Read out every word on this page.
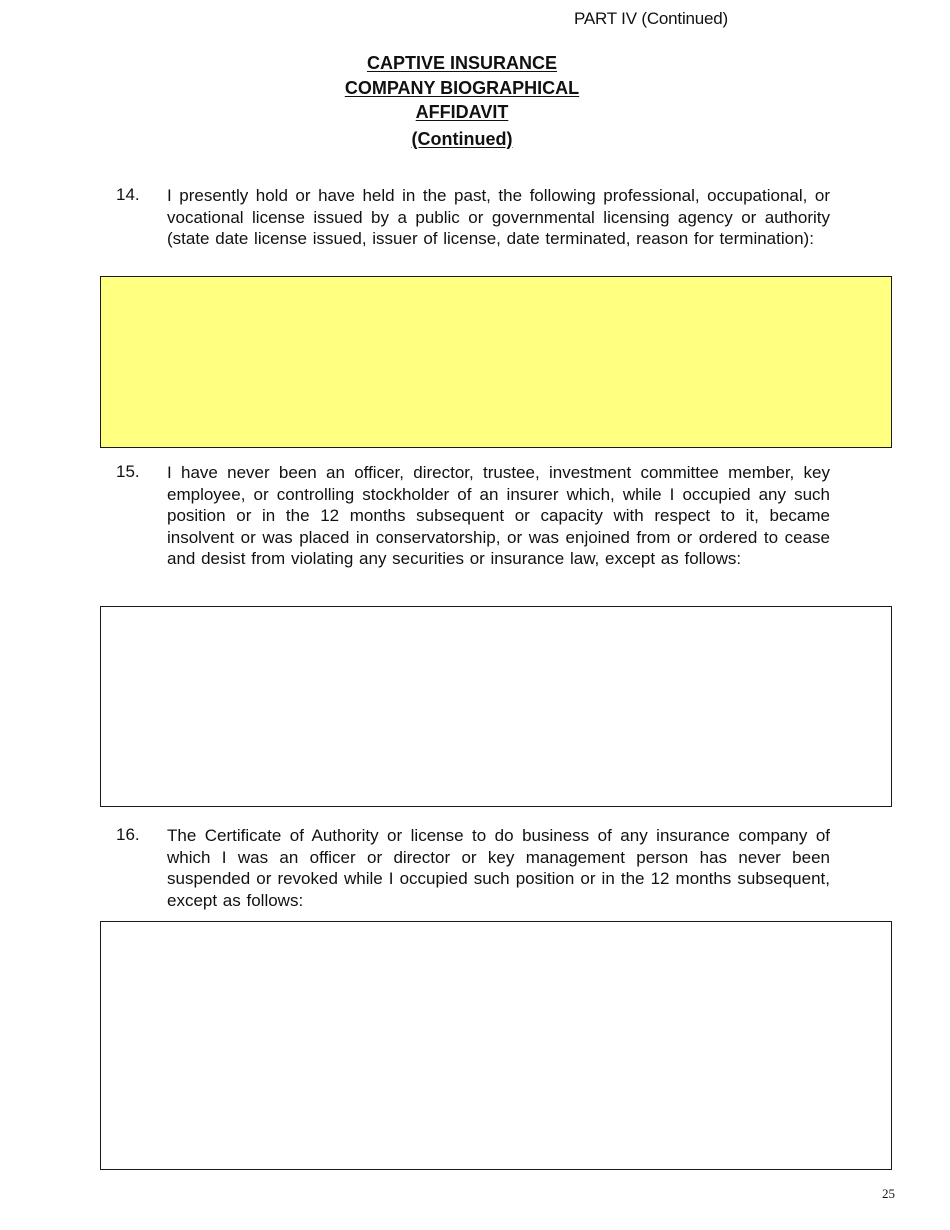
PART IV (Continued)
CAPTIVE INSURANCE
COMPANY BIOGRAPHICAL
AFFIDAVIT
(Continued)
14. I presently hold or have held in the past, the following professional, occupational, or vocational license issued by a public or governmental licensing agency or authority (state date license issued, issuer of license, date terminated, reason for termination):
15. I have never been an officer, director, trustee, investment committee member, key employee, or controlling stockholder of an insurer which, while I occupied any such position or in the 12 months subsequent or capacity with respect to it, became insolvent or was placed in conservatorship, or was enjoined from or ordered to cease and desist from violating any securities or insurance law, except as follows:
16. The Certificate of Authority or license to do business of any insurance company of which I was an officer or director or key management person has never been suspended or revoked while I occupied such position or in the 12 months subsequent, except as follows:
25
